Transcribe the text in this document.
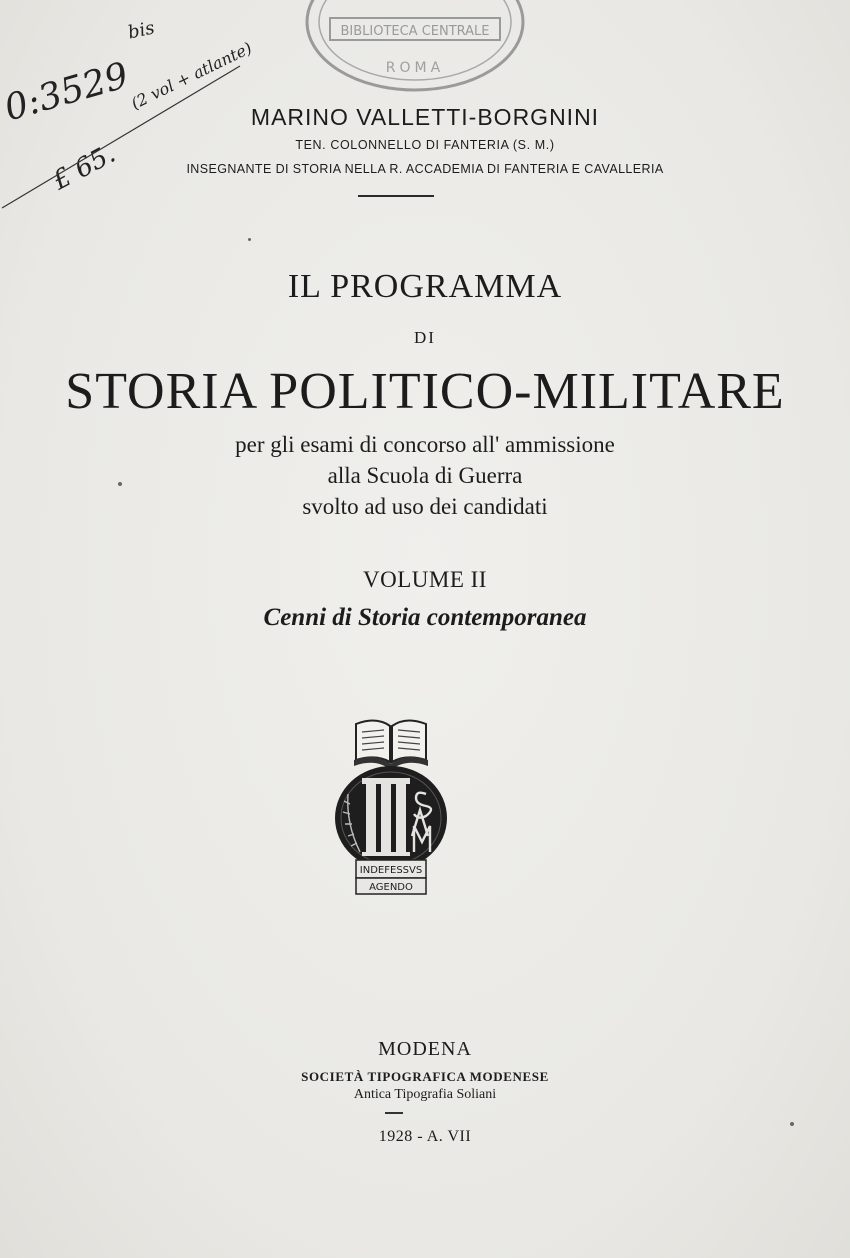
BIBLIOTECA CENTRALE
ROMA
0:3529
bis
£ 65.
(2 vol + atlante)
MARINO VALLETTI-BORGNINI
TEN. COLONNELLO DI FANTERIA (S. M.)
INSEGNANTE DI STORIA NELLA R. ACCADEMIA DI FANTERIA E CAVALLERIA
IL PROGRAMMA
DI
STORIA POLITICO-MILITARE
per gli esami di concorso all' ammissione
alla Scuola di Guerra
svolto ad uso dei candidati
VOLUME II
Cenni di Storia contemporanea
INDEFESSVS
AGENDO
MODENA
SOCIETÀ TIPOGRAFICA MODENESE
Antica Tipografia Soliani
1928 - A. VII
